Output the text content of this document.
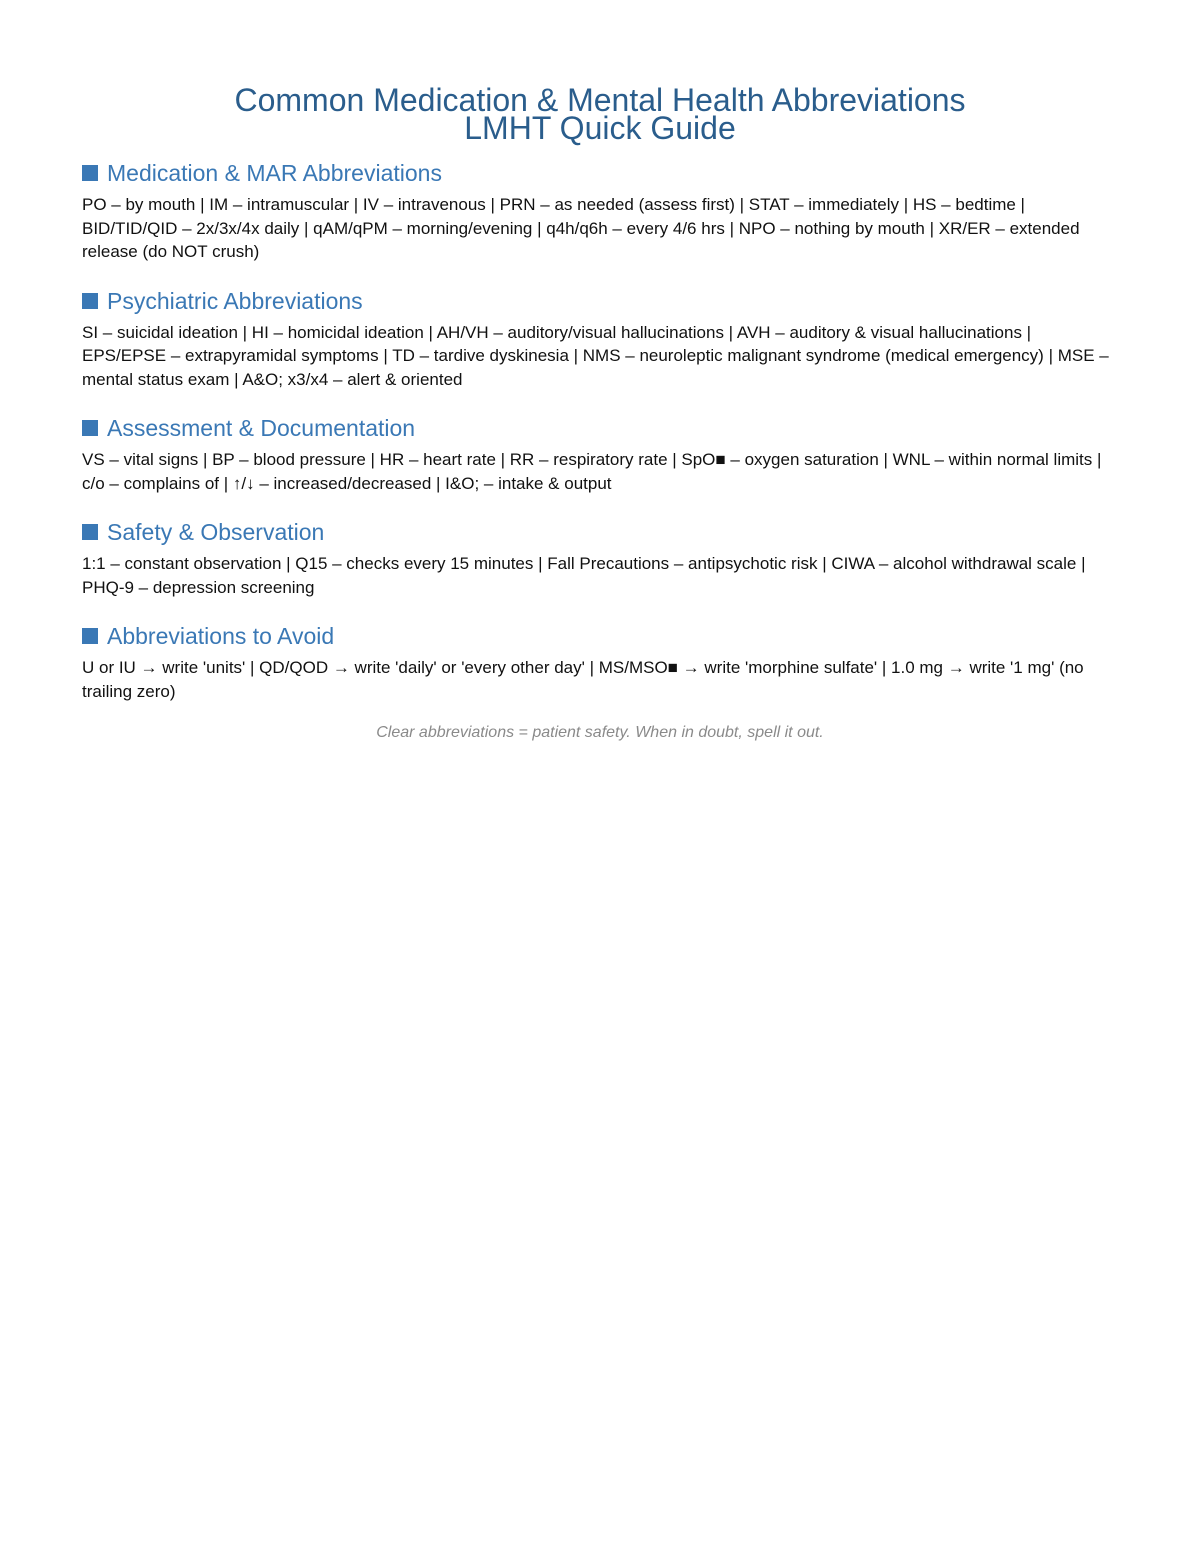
Common Medication & Mental Health Abbreviations
LMHT Quick Guide
Medication & MAR Abbreviations

PO – by mouth | IM – intramuscular | IV – intravenous | PRN – as needed (assess first) | STAT – immediately | HS – bedtime | BID/TID/QID – 2x/3x/4x daily | qAM/qPM – morning/evening | q4h/q6h – every 4/6 hrs | NPO – nothing by mouth | XR/ER – extended release (do NOT crush)

Psychiatric Abbreviations

SI – suicidal ideation | HI – homicidal ideation | AH/VH – auditory/visual hallucinations | AVH – auditory & visual hallucinations | EPS/EPSE – extrapyramidal symptoms | TD – tardive dyskinesia | NMS – neuroleptic malignant syndrome (medical emergency) | MSE – mental status exam | A&O; x3/x4 – alert & oriented

Assessment & Documentation

VS – vital signs | BP – blood pressure | HR – heart rate | RR – respiratory rate | SpO■ – oxygen saturation | WNL – within normal limits | c/o – complains of | ↑/↓ – increased/decreased | I&O; – intake & output

Safety & Observation

1:1 – constant observation | Q15 – checks every 15 minutes | Fall Precautions – antipsychotic risk | CIWA – alcohol withdrawal scale | PHQ-9 – depression screening

Abbreviations to Avoid

U or IU → write 'units' | QD/QOD → write 'daily' or 'every other day' | MS/MSO■ → write 'morphine sulfate' | 1.0 mg → write '1 mg' (no trailing zero)

Clear abbreviations = patient safety. When in doubt, spell it out.
